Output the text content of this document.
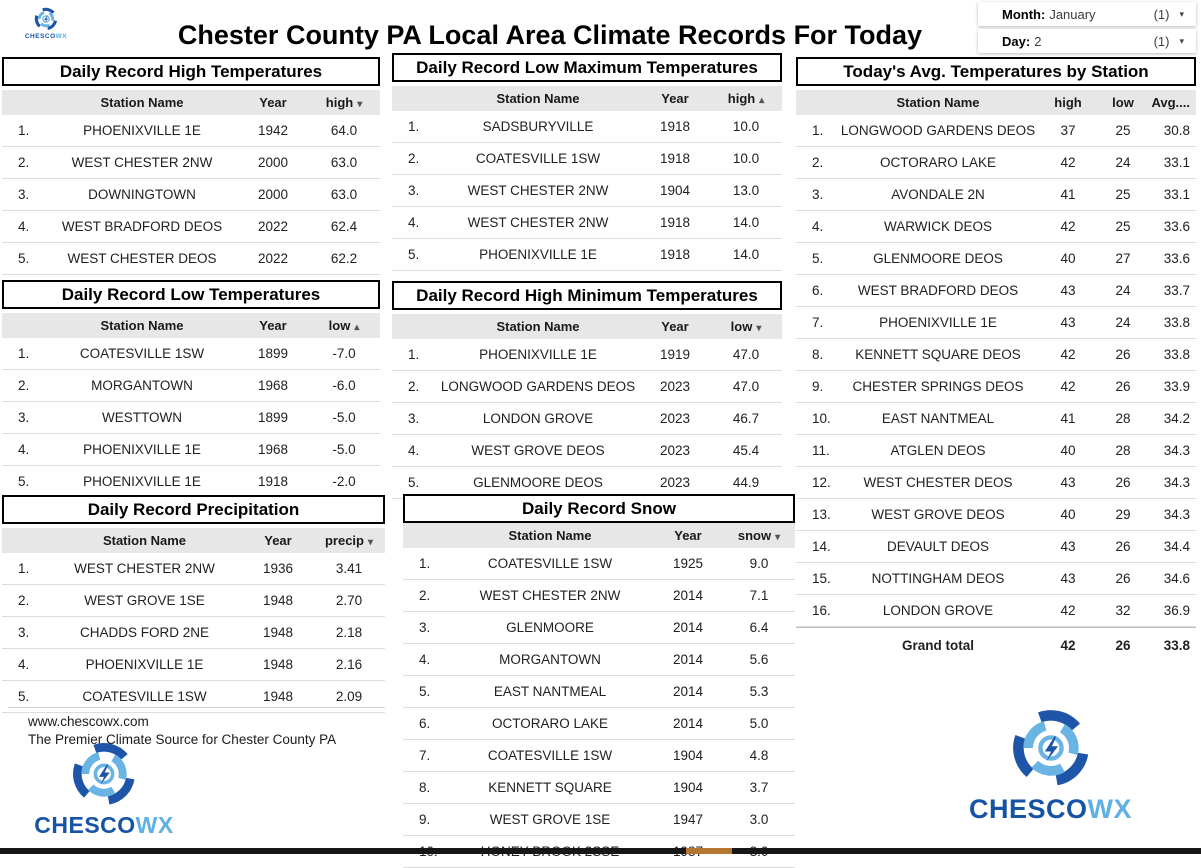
CHESCOWX	Chester County PA Local Area Climate Records For Today
Month: January	(1) ▾
Day: 2	(1) ▾
Daily Record High Temperatures
Station Name	Year	high ▾
1.	PHOENIXVILLE 1E	1942	64.0
2.	WEST CHESTER 2NW	2000	63.0
3.	DOWNINGTOWN	2000	63.0
4.	WEST BRADFORD DEOS	2022	62.4
5.	WEST CHESTER DEOS	2022	62.2
Daily Record Low Temperatures
Station Name	Year	low ▴
1.	COATESVILLE 1SW	1899	-7.0
2.	MORGANTOWN	1968	-6.0
3.	WESTTOWN	1899	-5.0
4.	PHOENIXVILLE 1E	1968	-5.0
5.	PHOENIXVILLE 1E	1918	-2.0
Daily Record Precipitation
Station Name	Year	precip ▾
1.	WEST CHESTER 2NW	1936	3.41
2.	WEST GROVE 1SE	1948	2.70
3.	CHADDS FORD 2NE	1948	2.18
4.	PHOENIXVILLE 1E	1948	2.16
5.	COATESVILLE 1SW	1948	2.09
Daily Record Low Maximum Temperatures
Station Name	Year	high ▴
1.	SADSBURYVILLE	1918	10.0
2.	COATESVILLE 1SW	1918	10.0
3.	WEST CHESTER 2NW	1904	13.0
4.	WEST CHESTER 2NW	1918	14.0
5.	PHOENIXVILLE 1E	1918	14.0
Daily Record High Minimum Temperatures
Station Name	Year	low ▾
1.	PHOENIXVILLE 1E	1919	47.0
2.	LONGWOOD GARDENS DEOS	2023	47.0
3.	LONDON GROVE	2023	46.7
4.	WEST GROVE DEOS	2023	45.4
5.	GLENMOORE DEOS	2023	44.9
Daily Record Snow
Station Name	Year	snow ▾
1.	COATESVILLE 1SW	1925	9.0
2.	WEST CHESTER 2NW	2014	7.1
3.	GLENMOORE	2014	6.4
4.	MORGANTOWN	2014	5.6
5.	EAST NANTMEAL	2014	5.3
6.	OCTORARO LAKE	2014	5.0
7.	COATESVILLE 1SW	1904	4.8
8.	KENNETT SQUARE	1904	3.7
9.	WEST GROVE 1SE	1947	3.0
Today's Avg. Temperatures by Station
Station Name	high	low	Avg....
1.	LONGWOOD GARDENS DEOS	37	25	30.8
2.	OCTORARO LAKE	42	24	33.1
3.	AVONDALE 2N	41	25	33.1
4.	WARWICK DEOS	42	25	33.6
5.	GLENMOORE DEOS	40	27	33.6
6.	WEST BRADFORD DEOS	43	24	33.7
7.	PHOENIXVILLE 1E	43	24	33.8
8.	KENNETT SQUARE DEOS	42	26	33.8
9.	CHESTER SPRINGS DEOS	42	26	33.9
10.	EAST NANTMEAL	41	28	34.2
11.	ATGLEN DEOS	40	28	34.3
12.	WEST CHESTER DEOS	43	26	34.3
13.	WEST GROVE DEOS	40	29	34.3
14.	DEVAULT DEOS	43	26	34.4
15.	NOTTINGHAM DEOS	43	26	34.6
16.	LONDON GROVE	42	32	36.9
Grand total	42	26	33.8
www.chescowx.com
The Premier Climate Source for Chester County PA
CHESCOWX
CHESCOWX
